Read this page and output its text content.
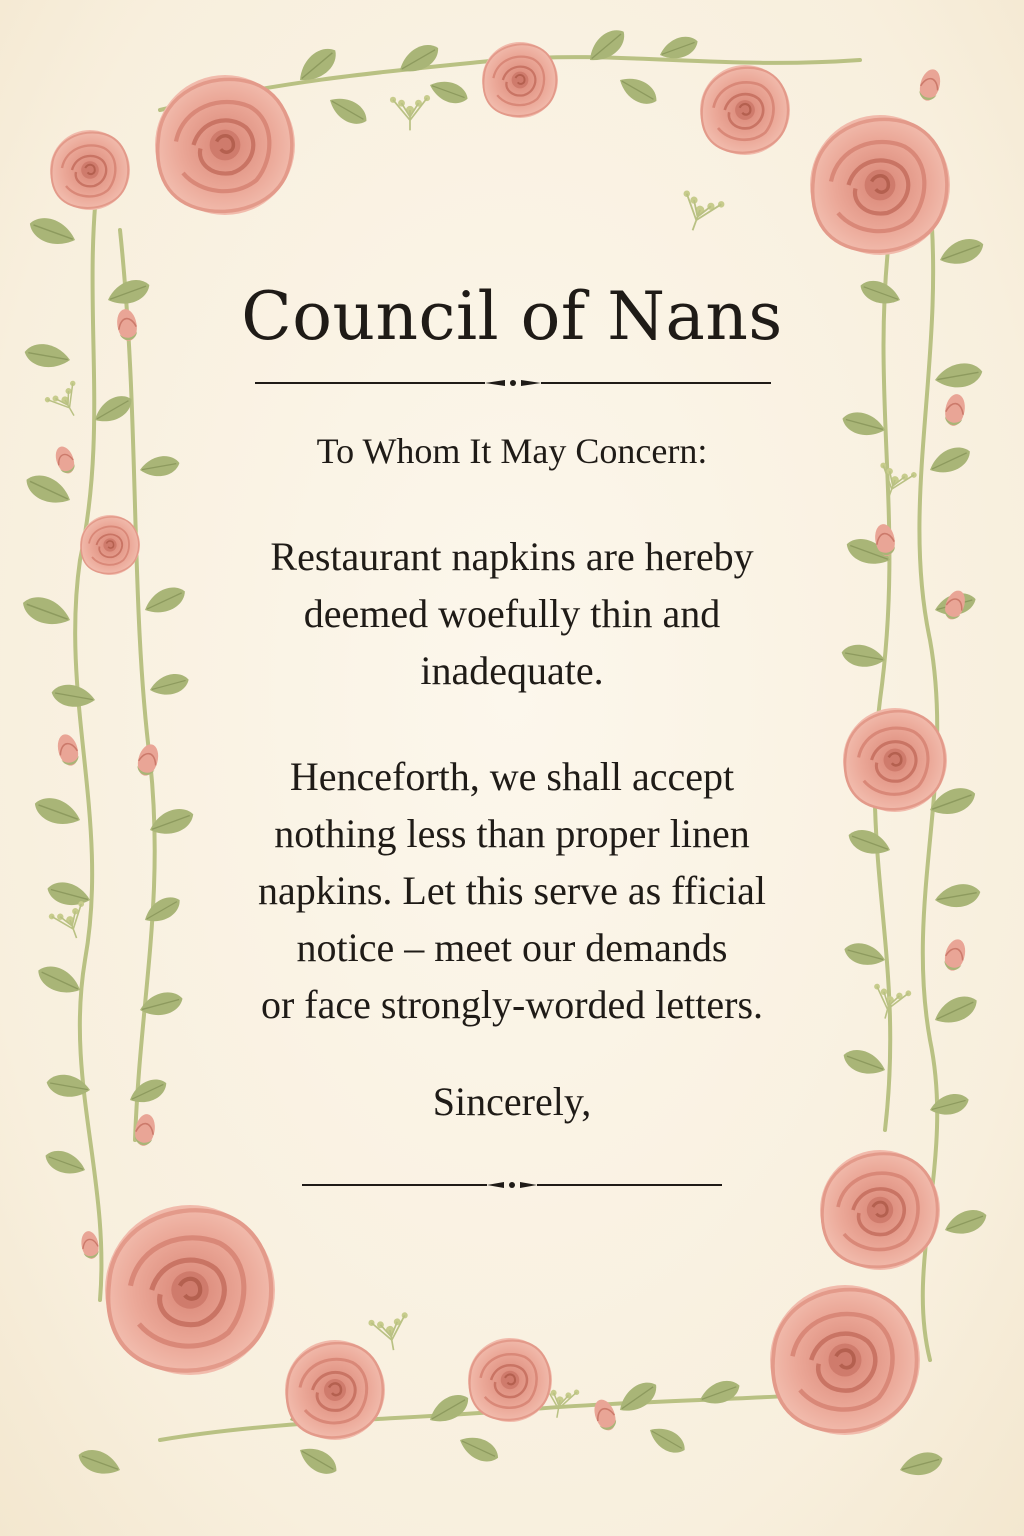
Council of Nans

To Whom It May Concern:

Restaurant napkins are hereby
deemed woefully thin and
inadequate.

Henceforth, we shall accept
nothing less than proper linen
napkins. Let this serve as fficial
notice – meet our demands
or face strongly-worded letters.

Sincerely,
